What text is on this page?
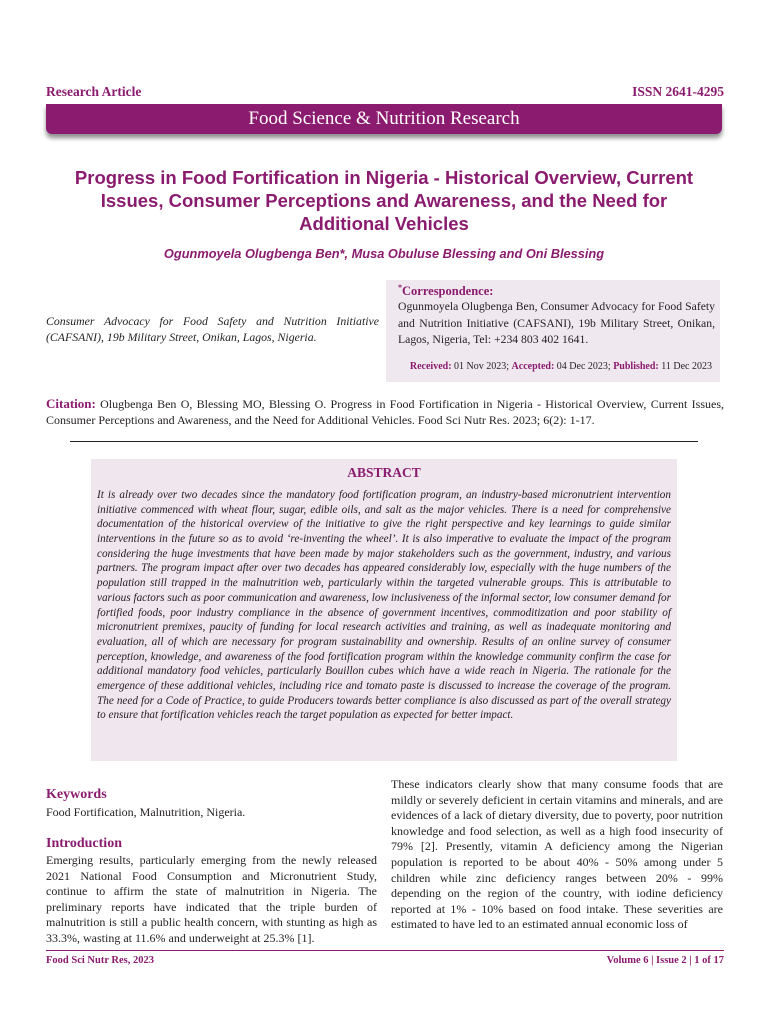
Research Article	ISSN 2641-4295
Food Science & Nutrition Research
Progress in Food Fortification in Nigeria - Historical Overview, Current Issues, Consumer Perceptions and Awareness, and the Need for Additional Vehicles
Ogunmoyela Olugbenga Ben*, Musa Obuluse Blessing and Oni Blessing
Consumer Advocacy for Food Safety and Nutrition Initiative (CAFSANI), 19b Military Street, Onikan, Lagos, Nigeria.
*Correspondence:
Ogunmoyela Olugbenga Ben, Consumer Advocacy for Food Safety and Nutrition Initiative (CAFSANI), 19b Military Street, Onikan, Lagos, Nigeria, Tel: +234 803 402 1641.
Received: 01 Nov 2023; Accepted: 04 Dec 2023; Published: 11 Dec 2023
Citation: Olugbenga Ben O, Blessing MO, Blessing O. Progress in Food Fortification in Nigeria - Historical Overview, Current Issues, Consumer Perceptions and Awareness, and the Need for Additional Vehicles. Food Sci Nutr Res. 2023; 6(2): 1-17.
ABSTRACT
It is already over two decades since the mandatory food fortification program, an industry-based micronutrient intervention initiative commenced with wheat flour, sugar, edible oils, and salt as the major vehicles. There is a need for comprehensive documentation of the historical overview of the initiative to give the right perspective and key learnings to guide similar interventions in the future so as to avoid ‘re-inventing the wheel’. It is also imperative to evaluate the impact of the program considering the huge investments that have been made by major stakeholders such as the government, industry, and various partners. The program impact after over two decades has appeared considerably low, especially with the huge numbers of the population still trapped in the malnutrition web, particularly within the targeted vulnerable groups. This is attributable to various factors such as poor communication and awareness, low inclusiveness of the informal sector, low consumer demand for fortified foods, poor industry compliance in the absence of government incentives, commoditization and poor stability of micronutrient premixes, paucity of funding for local research activities and training, as well as inadequate monitoring and evaluation, all of which are necessary for program sustainability and ownership. Results of an online survey of consumer perception, knowledge, and awareness of the food fortification program within the knowledge community confirm the case for additional mandatory food vehicles, particularly Bouillon cubes which have a wide reach in Nigeria. The rationale for the emergence of these additional vehicles, including rice and tomato paste is discussed to increase the coverage of the program. The need for a Code of Practice, to guide Producers towards better compliance is also discussed as part of the overall strategy to ensure that fortification vehicles reach the target population as expected for better impact.
Keywords
Food Fortification, Malnutrition, Nigeria.
Introduction
Emerging results, particularly emerging from the newly released 2021 National Food Consumption and Micronutrient Study, continue to affirm the state of malnutrition in Nigeria. The preliminary reports have indicated that the triple burden of malnutrition is still a public health concern, with stunting as high as 33.3%, wasting at 11.6% and underweight at 25.3% [1].
These indicators clearly show that many consume foods that are mildly or severely deficient in certain vitamins and minerals, and are evidences of a lack of dietary diversity, due to poverty, poor nutrition knowledge and food selection, as well as a high food insecurity of 79% [2]. Presently, vitamin A deficiency among the Nigerian population is reported to be about 40% - 50% among under 5 children while zinc deficiency ranges between 20% - 99% depending on the region of the country, with iodine deficiency reported at 1% - 10% based on food intake. These severities are estimated to have led to an estimated annual economic loss of
Food Sci Nutr Res, 2023	Volume 6 | Issue 2 | 1 of 17
